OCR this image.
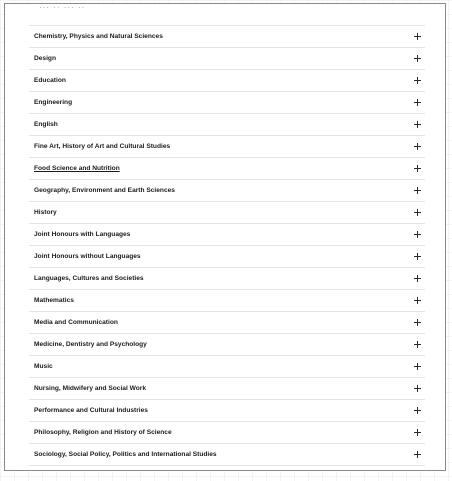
··· ·· ··· ··
Chemistry, Physics and Natural Sciences
Design
Education
Engineering
English
Fine Art, History of Art and Cultural Studies
Food Science and Nutrition
Geography, Environment and Earth Sciences
History
Joint Honours with Languages
Joint Honours without Languages
Languages, Cultures and Societies
Mathematics
Media and Communication
Medicine, Dentistry and Psychology
Music
Nursing, Midwifery and Social Work
Performance and Cultural Industries
Philosophy, Religion and History of Science
Sociology, Social Policy, Politics and International Studies
